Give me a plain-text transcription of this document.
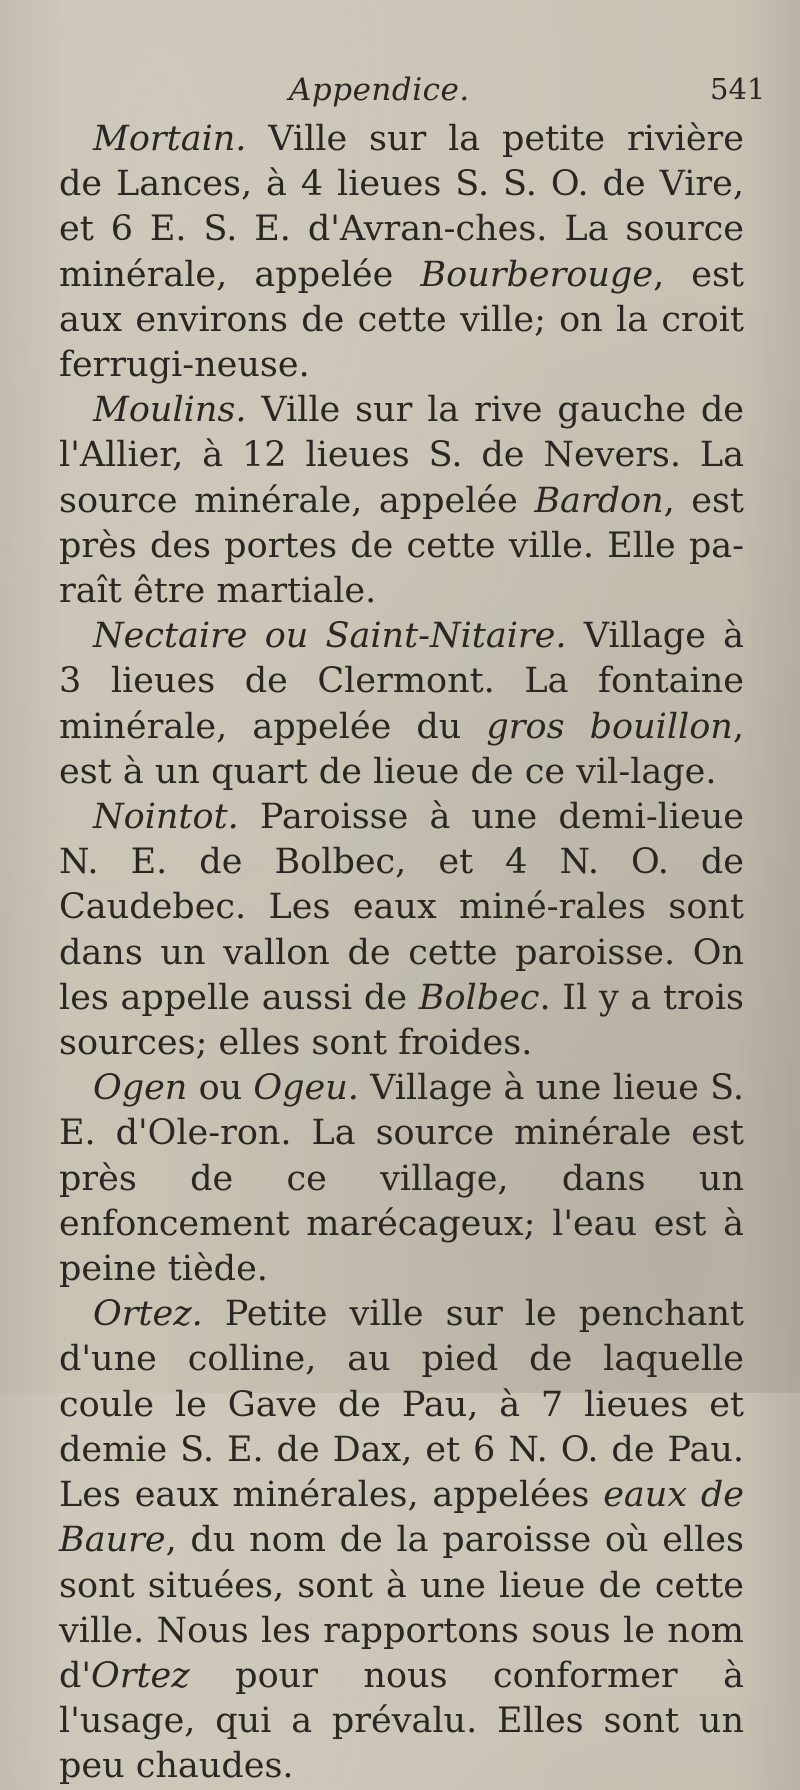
Appendice.	541

Mortain. Ville sur la petite rivière de Lances, à 4 lieues S. S. O. de Vire, et 6 E. S. E. d'Avran-ches. La source minérale, appelée Bourberouge, est aux environs de cette ville; on la croit ferrugi-neuse.

Moulins. Ville sur la rive gauche de l'Allier, à 12 lieues S. de Nevers. La source minérale, appelée Bardon, est près des portes de cette ville. Elle pa-raît être martiale.

Nectaire ou Saint-Nitaire. Village à 3 lieues de Clermont. La fontaine minérale, appelée du gros bouillon, est à un quart de lieue de ce vil-lage.

Nointot. Paroisse à une demi-lieue N. E. de Bolbec, et 4 N. O. de Caudebec. Les eaux miné-rales sont dans un vallon de cette paroisse. On les appelle aussi de Bolbec. Il y a trois sources; elles sont froides.

Ogen ou Ogeu. Village à une lieue S. E. d'Ole-ron. La source minérale est près de ce village, dans un enfoncement marécageux; l'eau est à peine tiède.

Ortez. Petite ville sur le penchant d'une colline, au pied de laquelle coule le Gave de Pau, à 7 lieues et demie S. E. de Dax, et 6 N. O. de Pau. Les eaux minérales, appelées eaux de Baure, du nom de la paroisse où elles sont situées, sont à une lieue de cette ville. Nous les rapportons sous le nom d'Ortez pour nous conformer à l'usage, qui a prévalu. Elles sont un peu chaudes.
